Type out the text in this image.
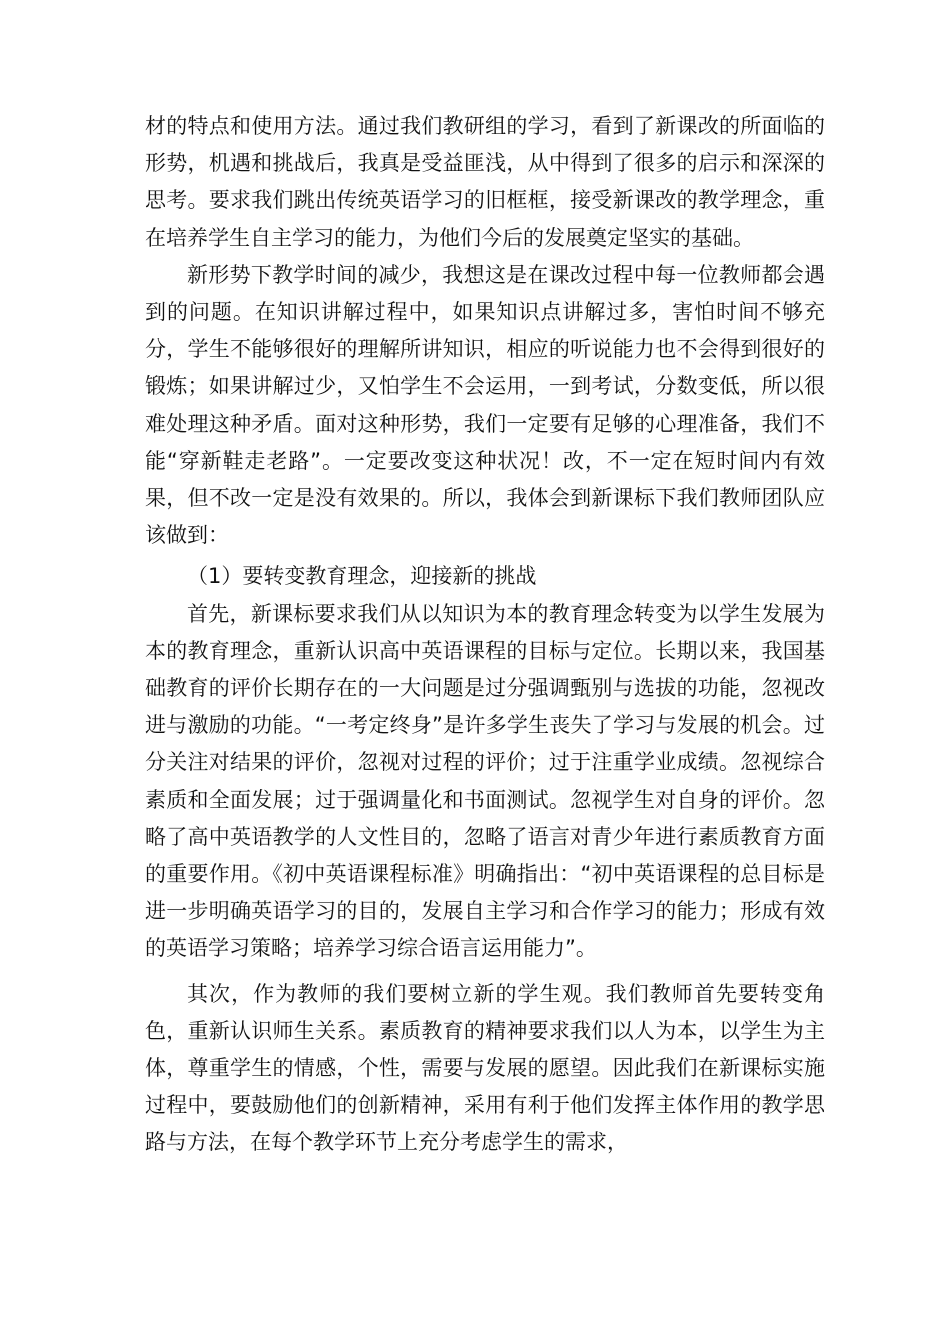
材的特点和使用方法。通过我们教研组的学习，看到了新课改的所面临的形势，机遇和挑战后，我真是受益匪浅，从中得到了很多的启示和深深的思考。要求我们跳出传统英语学习的旧框框，接受新课改的教学理念，重在培养学生自主学习的能力，为他们今后的发展奠定坚实的基础。

新形势下教学时间的减少，我想这是在课改过程中每一位教师都会遇到的问题。在知识讲解过程中，如果知识点讲解过多，害怕时间不够充分，学生不能够很好的理解所讲知识，相应的听说能力也不会得到很好的锻炼；如果讲解过少，又怕学生不会运用，一到考试，分数变低，所以很难处理这种矛盾。面对这种形势，我们一定要有足够的心理准备，我们不能“穿新鞋走老路”。一定要改变这种状况！改，不一定在短时间内有效果，但不改一定是没有效果的。所以，我体会到新课标下我们教师团队应该做到：

（1）要转变教育理念，迎接新的挑战

首先，新课标要求我们从以知识为本的教育理念转变为以学生发展为本的教育理念，重新认识高中英语课程的目标与定位。长期以来，我国基础教育的评价长期存在的一大问题是过分强调甄别与选拔的功能，忽视改进与激励的功能。“一考定终身”是许多学生丧失了学习与发展的机会。过分关注对结果的评价，忽视对过程的评价；过于注重学业成绩。忽视综合素质和全面发展；过于强调量化和书面测试。忽视学生对自身的评价。忽略了高中英语教学的人文性目的，忽略了语言对青少年进行素质教育方面的重要作用。《初中英语课程标准》明确指出：“初中英语课程的总目标是进一步明确英语学习的目的，发展自主学习和合作学习的能力；形成有效的英语学习策略；培养学习综合语言运用能力”。

其次，作为教师的我们要树立新的学生观。我们教师首先要转变角色，重新认识师生关系。素质教育的精神要求我们以人为本，以学生为主体，尊重学生的情感，个性，需要与发展的愿望。因此我们在新课标实施过程中，要鼓励他们的创新精神，采用有利于他们发挥主体作用的教学思路与方法，在每个教学环节上充分考虑学生的需求，
